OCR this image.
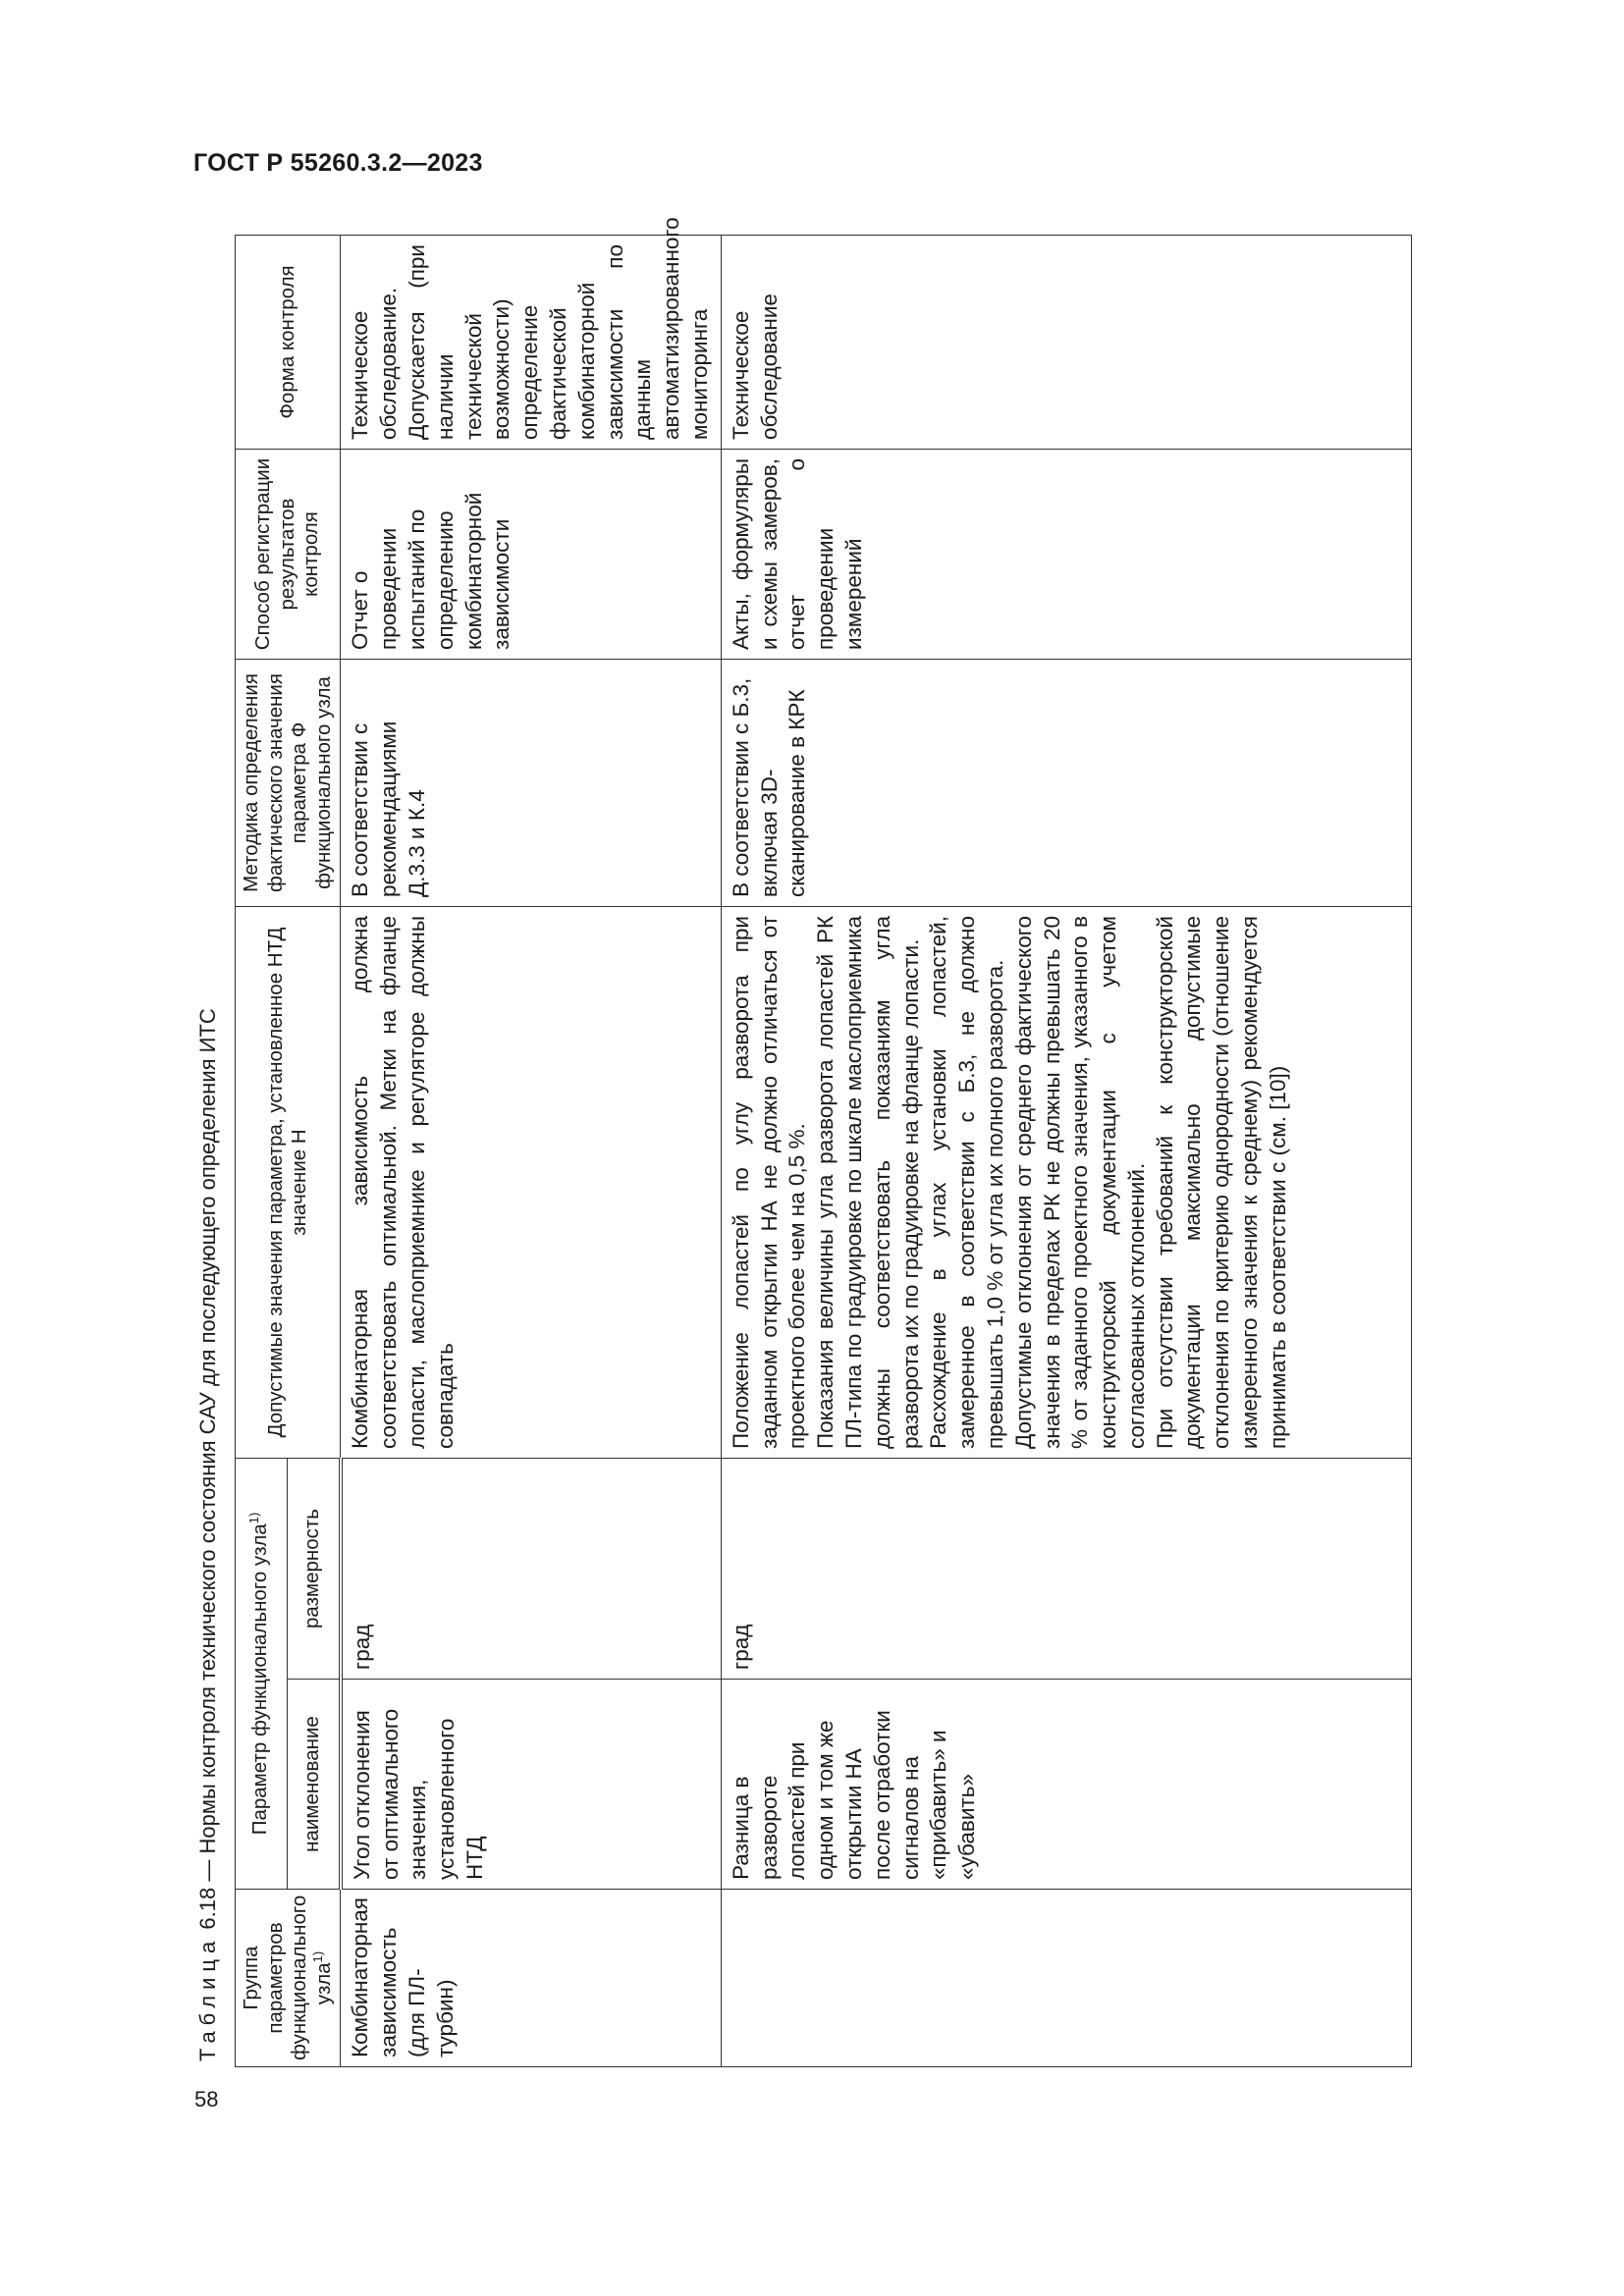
ГОСТ Р 55260.3.2—2023
58
Таблица 6.18 — Нормы контроля технического состояния САУ для последующего определения ИТС
Группа параметров функционального узла$^{1)}$	Параметр функционального узла$^{1)}$		Допустимые значения параметра, установленное НТД значение Н	Методика определения фактического значения параметра Ф функционального узла	Способ регистрации результатов контроля	Форма контроля
	наименование	размерность				
Комбинаторная зависимость (для ПЛ-турбин)	Угол отклонения от оптимального значения, установленного НТД	град	Комбинаторная зависимость должна соответствовать оптимальной. Метки на фланце лопасти, маслоприемнике и регуляторе должны совпадать	В соответствии с рекомендациями Д.3.3 и К.4	Отчет о проведении испытаний по определению комбинаторной зависимости	Техническое обследование. Допускается (при наличии технической возможности) определение фактической комбинаторной зависимости по данным автоматизированного мониторинга
	Разница в развороте лопастей при одном и том же открытии НА после отработки сигналов на «прибавить» и «убавить»	град	Положение лопастей по углу разворота при заданном открытии НА не должно отличаться от проектного более чем на 0,5 %. Показания величины угла разворота лопастей РК ПЛ-типа по градуировке по шкале маслоприемника должны соответствовать показаниям угла разворота их по градуировке на фланце лопасти. Расхождение в углах установки лопастей, замеренное в соответствии с Б.3, не должно превышать 1,0 % от угла их полного разворота. Допустимые отклонения от среднего фактического значения в пределах РК не должны превышать 20 % от заданного проектного значения, указанного в конструкторской документации с учетом согласованных отклонений. При отсутствии требований к конструкторской документации максимально допустимые отклонения по критерию однородности (отношение измеренного значения к среднему) рекомендуется принимать в соответствии с (см. [10])	В соответствии с Б.3, включая 3D-сканирование в КРК	Акты, формуляры и схемы замеров, отчет о проведении измерений	Техническое обследование
